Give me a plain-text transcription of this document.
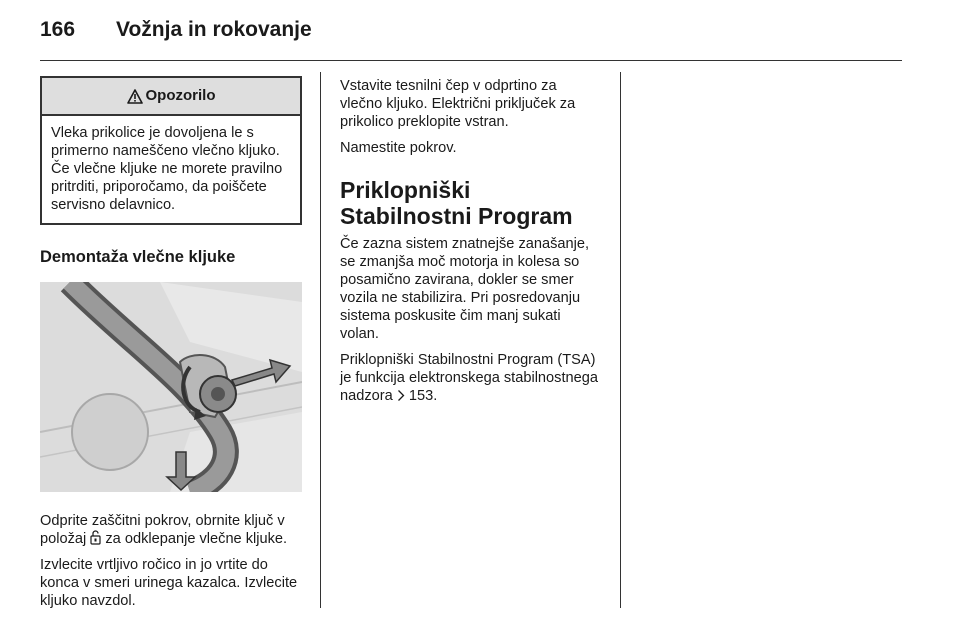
166 Vožnja in rokovanje
Opozorilo
Vleka prikolice je dovoljena le s primerno nameščeno vlečno kljuko. Če vlečne kljuke ne morete pravilno pritrditi, priporočamo, da poiščete servisno delavnico.
Demontaža vlečne kljuke

Odprite zaščitni pokrov, obrnite ključ v položaj za odklepanje vlečne kljuke.

Izvlecite vrtljivo ročico in jo vrtite do konca v smeri urinega kazalca. Izvlecite kljuko navzdol.

Vstavite tesnilni čep v odprtino za vlečno kljuko. Električni priključek za prikolico preklopite vstran.

Namestite pokrov.

Priklopniški Stabilnostni Program

Če zazna sistem znatnejše zanašanje, se zmanjša moč motorja in kolesa so posamično zavirana, dokler se smer vozila ne stabilizira. Pri posredovanju sistema poskusite čim manj sukati volan.

Priklopniški Stabilnostni Program (TSA) je funkcija elektronskega stabilnostnega nadzora 153.
